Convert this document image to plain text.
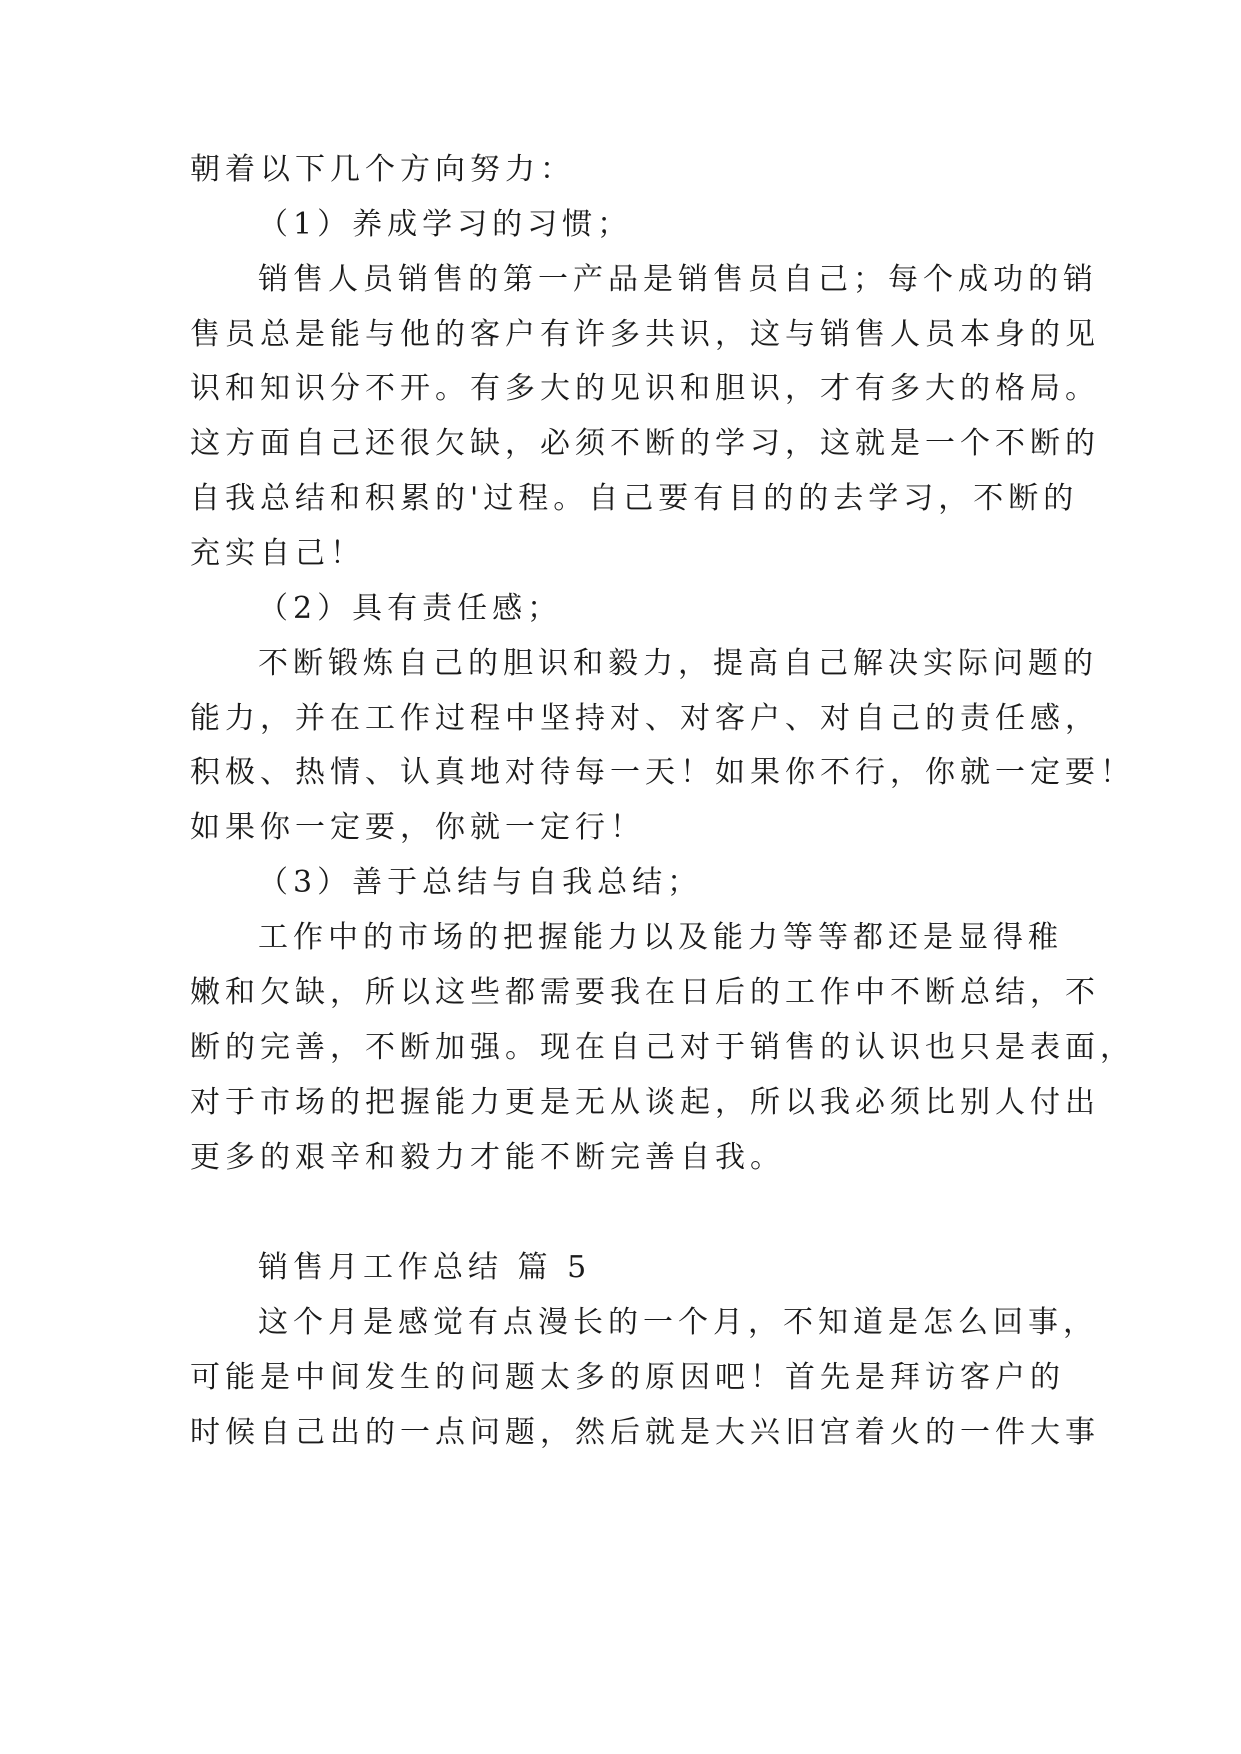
朝着以下几个方向努力：
（1）养成学习的习惯；
销售人员销售的第一产品是销售员自己；每个成功的销
售员总是能与他的客户有许多共识，这与销售人员本身的见
识和知识分不开。有多大的见识和胆识，才有多大的格局。
这方面自己还很欠缺，必须不断的学习，这就是一个不断的
自我总结和积累的'过程。自己要有目的的去学习，不断的
充实自己！
（2）具有责任感；
不断锻炼自己的胆识和毅力，提高自己解决实际问题的
能力，并在工作过程中坚持对、对客户、对自己的责任感，
积极、热情、认真地对待每一天！如果你不行，你就一定要！
如果你一定要，你就一定行！
（3）善于总结与自我总结；
工作中的市场的把握能力以及能力等等都还是显得稚
嫩和欠缺，所以这些都需要我在日后的工作中不断总结，不
断的完善，不断加强。现在自己对于销售的认识也只是表面，
对于市场的把握能力更是无从谈起，所以我必须比别人付出
更多的艰辛和毅力才能不断完善自我。
销售月工作总结 篇 5
这个月是感觉有点漫长的一个月，不知道是怎么回事，
可能是中间发生的问题太多的原因吧！首先是拜访客户的
时候自己出的一点问题，然后就是大兴旧宫着火的一件大事
